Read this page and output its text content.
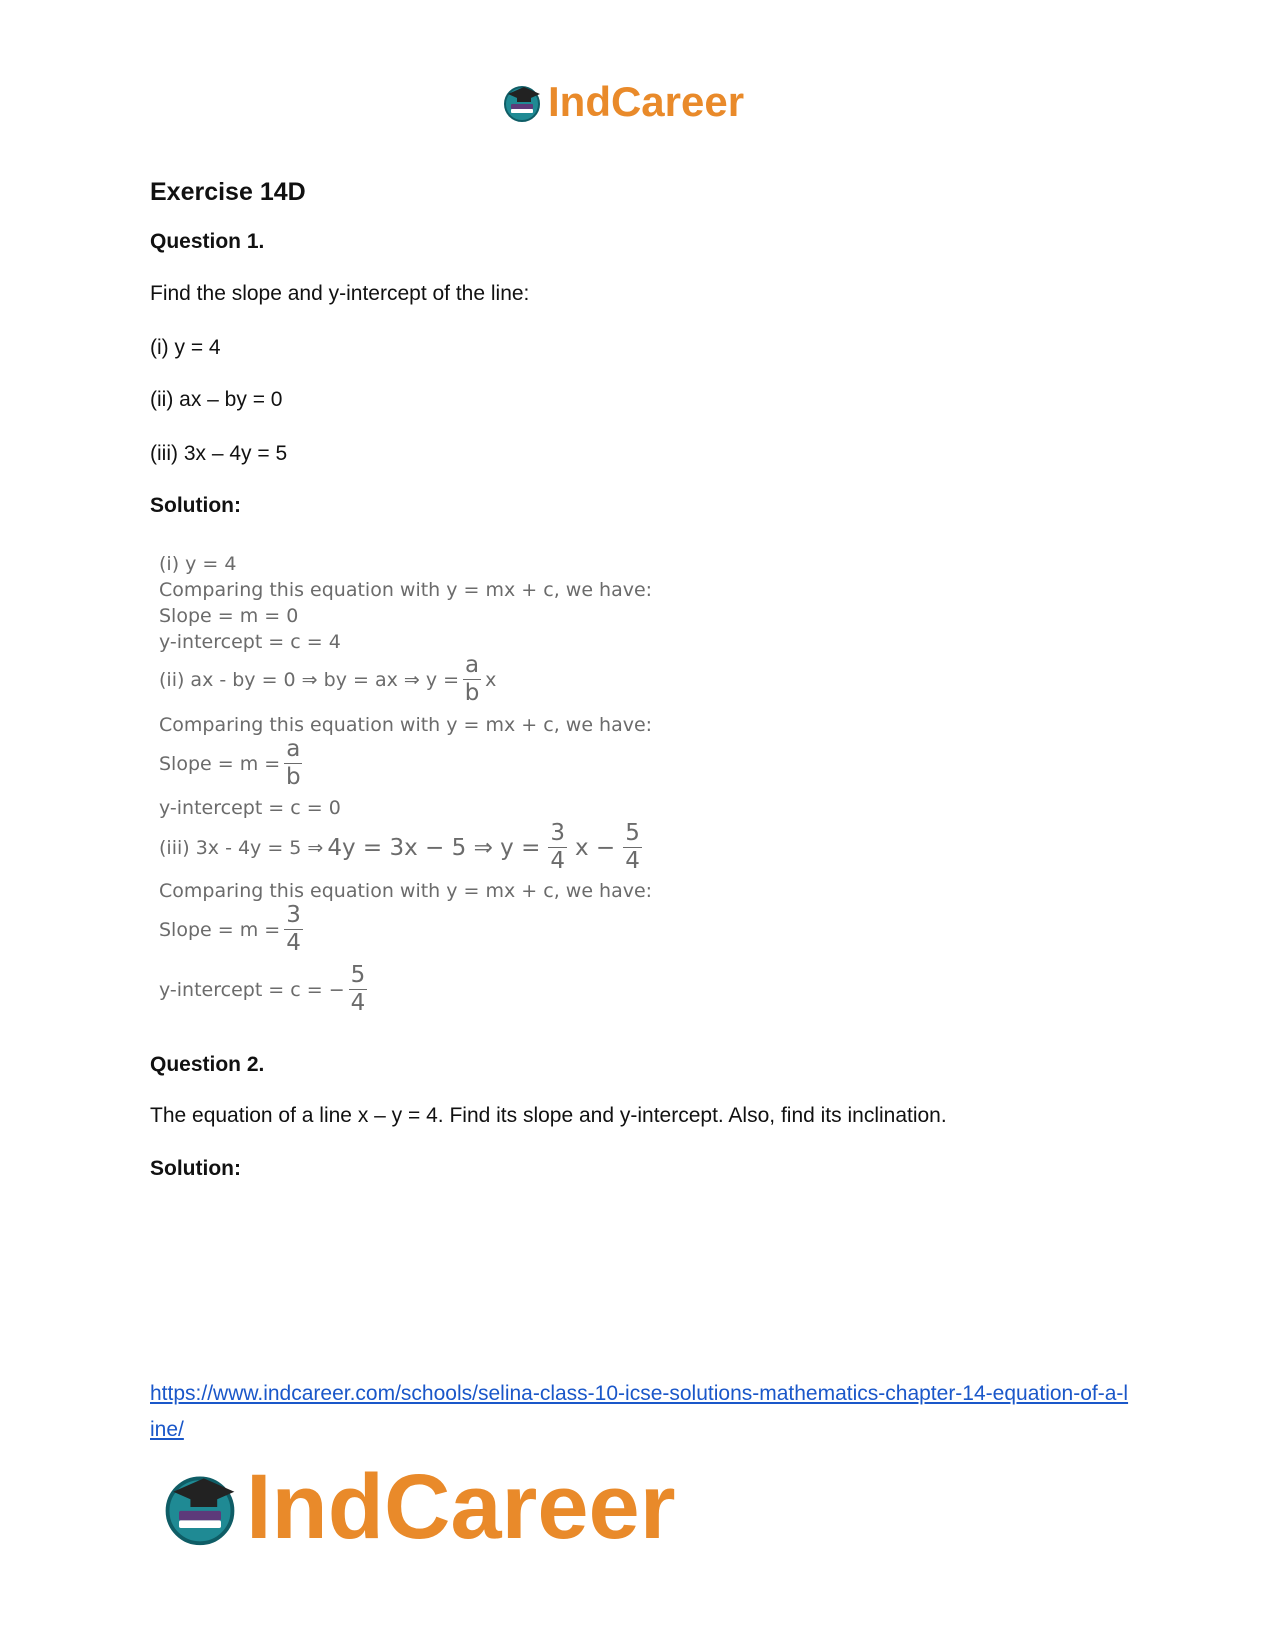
IndCareer
Exercise 14D
Question 1.
Find the slope and y-intercept of the line:
(i) y = 4
(ii) ax – by = 0
(iii) 3x – 4y = 5
Solution:
(i) y = 4
Comparing this equation with y = mx + c, we have:
Slope = m = 0
y-intercept = c = 4
(ii) ax - by = 0 ⇒ by = ax ⇒ $y = \frac{a}{b}$ x
Comparing this equation with y = mx + c, we have:
Slope = $m = \frac{a}{b}$
y-intercept = c = 0
(iii) 3x - 4y = 5 ⇒ 4y = 3x − 5 ⇒ $y = \frac{3}{4}$ $x - \frac{5}{4}$
Comparing this equation with y = mx + c, we have:
Slope = $m = \frac{3}{4}$
y-intercept = c = − $\frac{5}{4}$
Question 2.
The equation of a line x – y = 4. Find its slope and y-intercept. Also, find its inclination.
Solution:
https://www.indcareer.com/schools/selina-class-10-icse-solutions-mathematics-chapter-14-equation-of-a-line/
IndCareer
